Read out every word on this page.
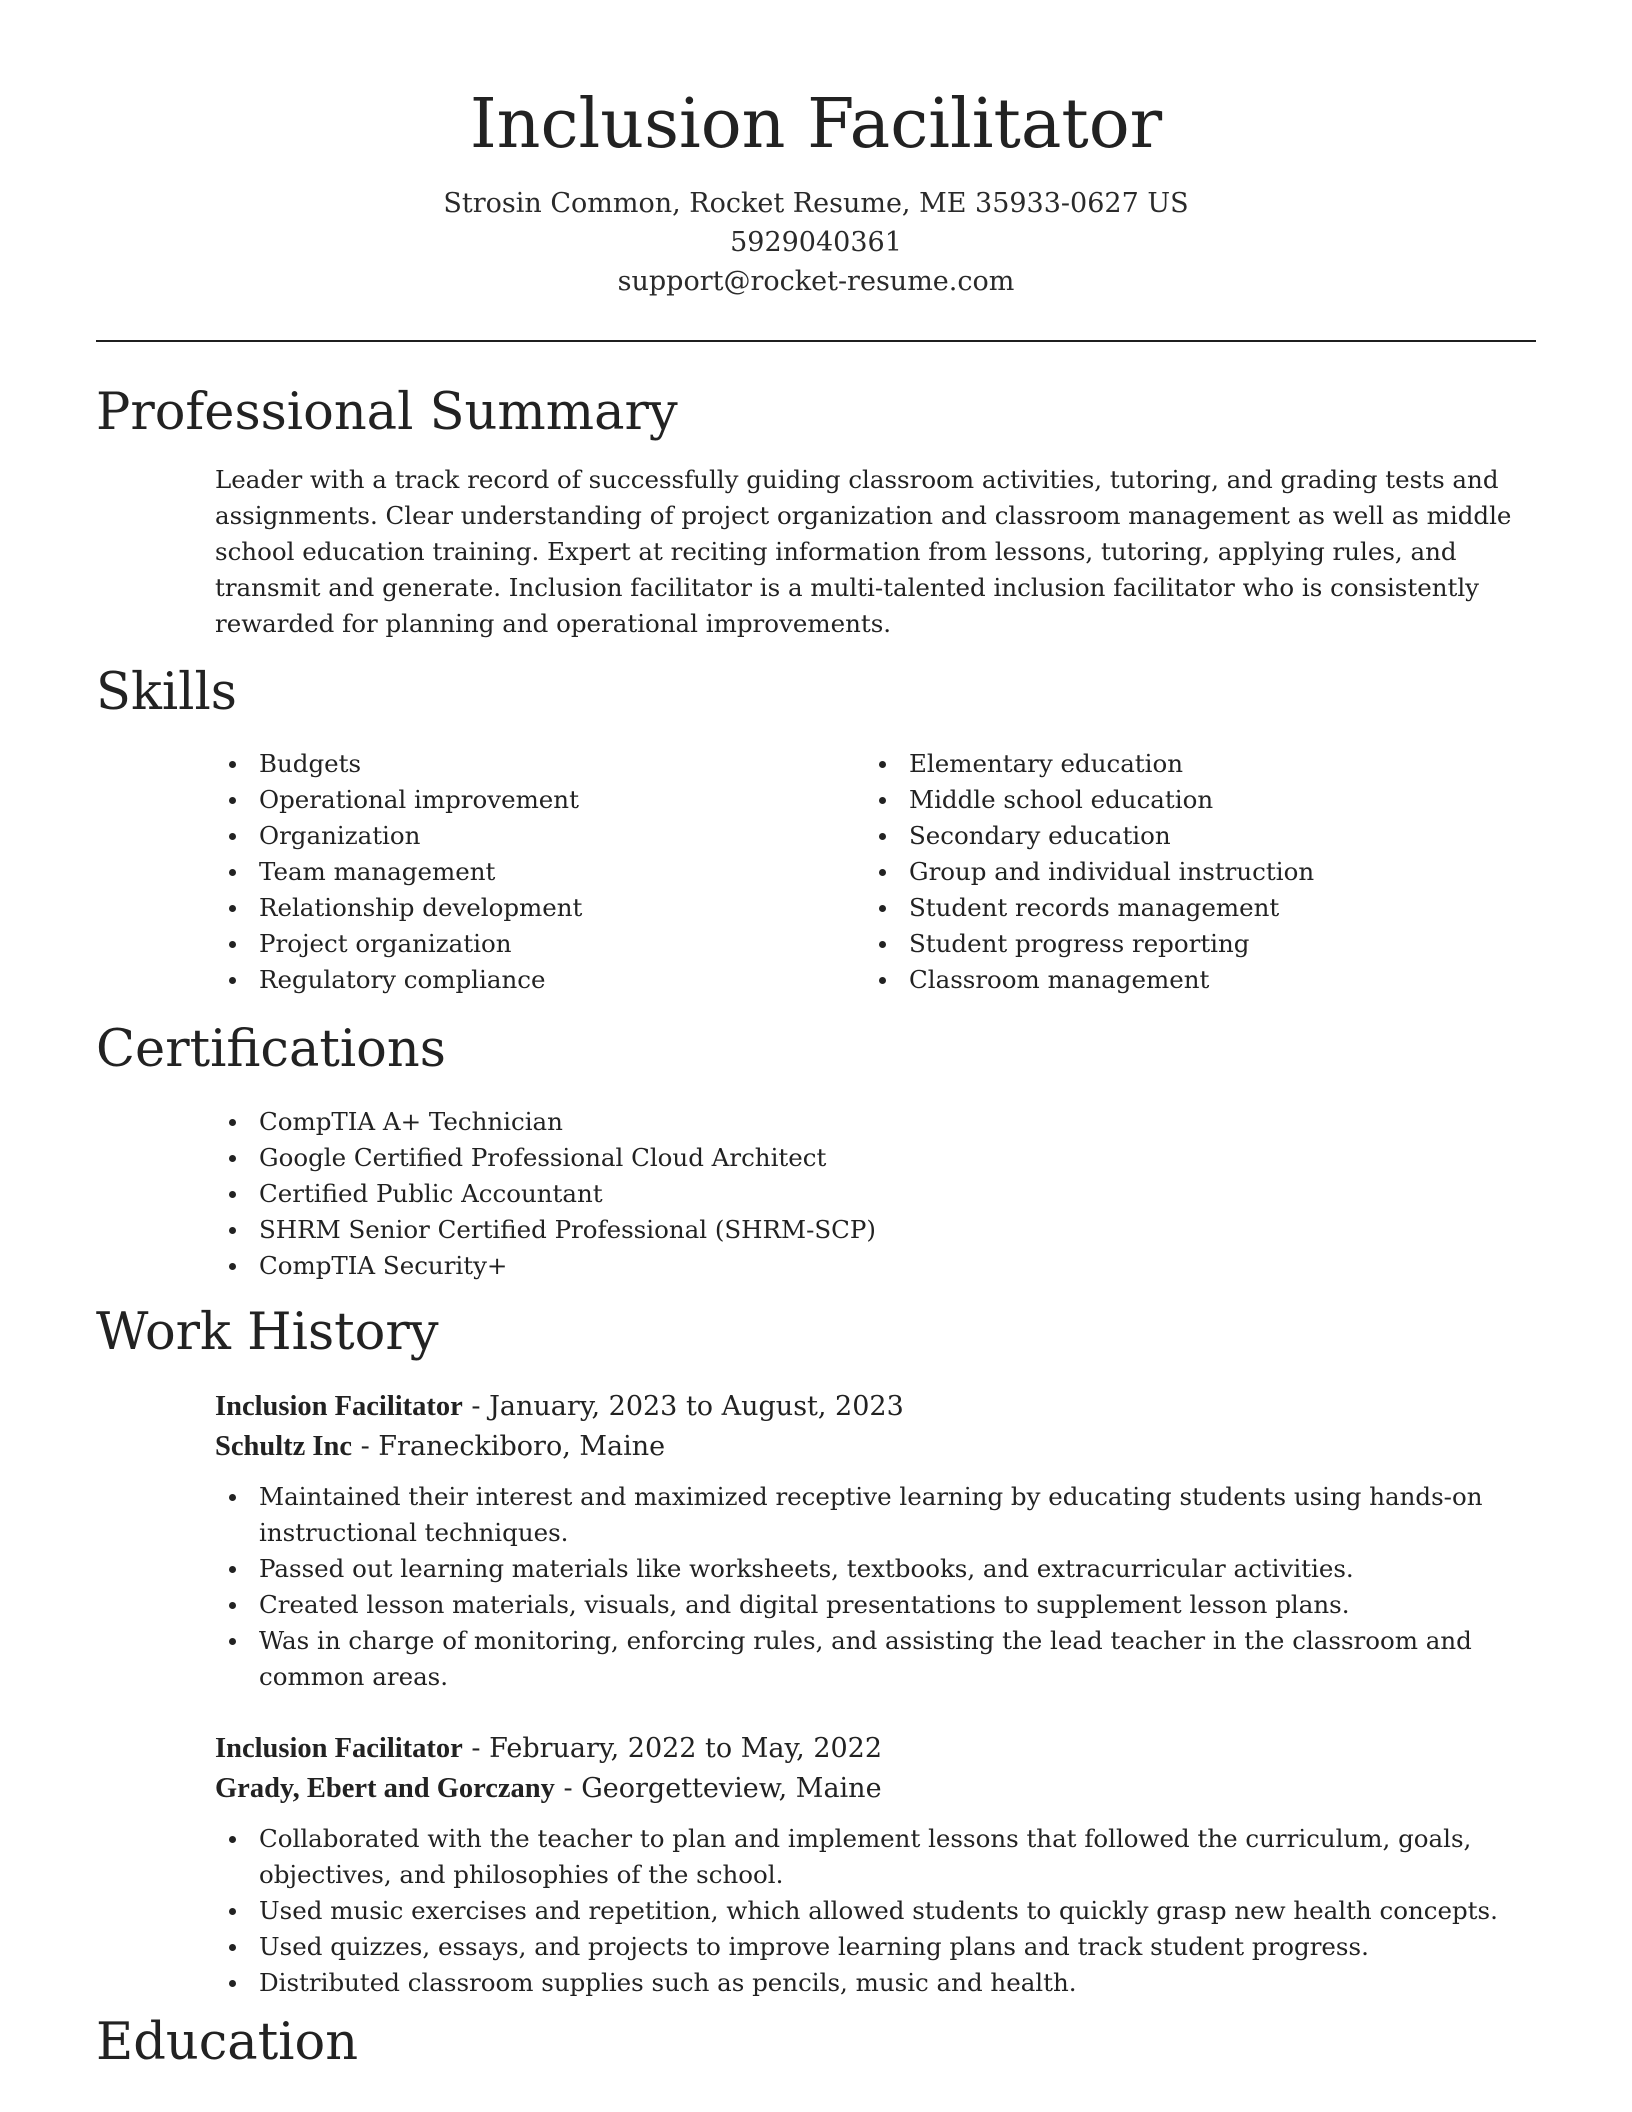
Inclusion Facilitator
Strosin Common, Rocket Resume, ME 35933-0627 US
5929040361
support@rocket-resume.com
Professional Summary

Leader with a track record of successfully guiding classroom activities, tutoring, and grading tests and assignments. Clear understanding of project organization and classroom management as well as middle school education training. Expert at reciting information from lessons, tutoring, applying rules, and transmit and generate. Inclusion facilitator is a multi-talented inclusion facilitator who is consistently rewarded for planning and operational improvements.

Skills
Budgets
Operational improvement
Organization
Team management
Relationship development
Project organization
Regulatory compliance
Elementary education
Middle school education
Secondary education
Group and individual instruction
Student records management
Student progress reporting
Classroom management
Certifications
CompTIA A+ Technician
Google Certified Professional Cloud Architect
Certified Public Accountant
SHRM Senior Certified Professional (SHRM-SCP)
CompTIA Security+
Work History
Inclusion Facilitator - January, 2023 to August, 2023
Schultz Inc - Franeckiboro, Maine
Maintained their interest and maximized receptive learning by educating students using hands-on instructional techniques.
Passed out learning materials like worksheets, textbooks, and extracurricular activities.
Created lesson materials, visuals, and digital presentations to supplement lesson plans.
Was in charge of monitoring, enforcing rules, and assisting the lead teacher in the classroom and common areas.
Inclusion Facilitator - February, 2022 to May, 2022
Grady, Ebert and Gorczany - Georgetteview, Maine
Collaborated with the teacher to plan and implement lessons that followed the curriculum, goals, objectives, and philosophies of the school.
Used music exercises and repetition, which allowed students to quickly grasp new health concepts.
Used quizzes, essays, and projects to improve learning plans and track student progress.
Distributed classroom supplies such as pencils, music and health.
Education
